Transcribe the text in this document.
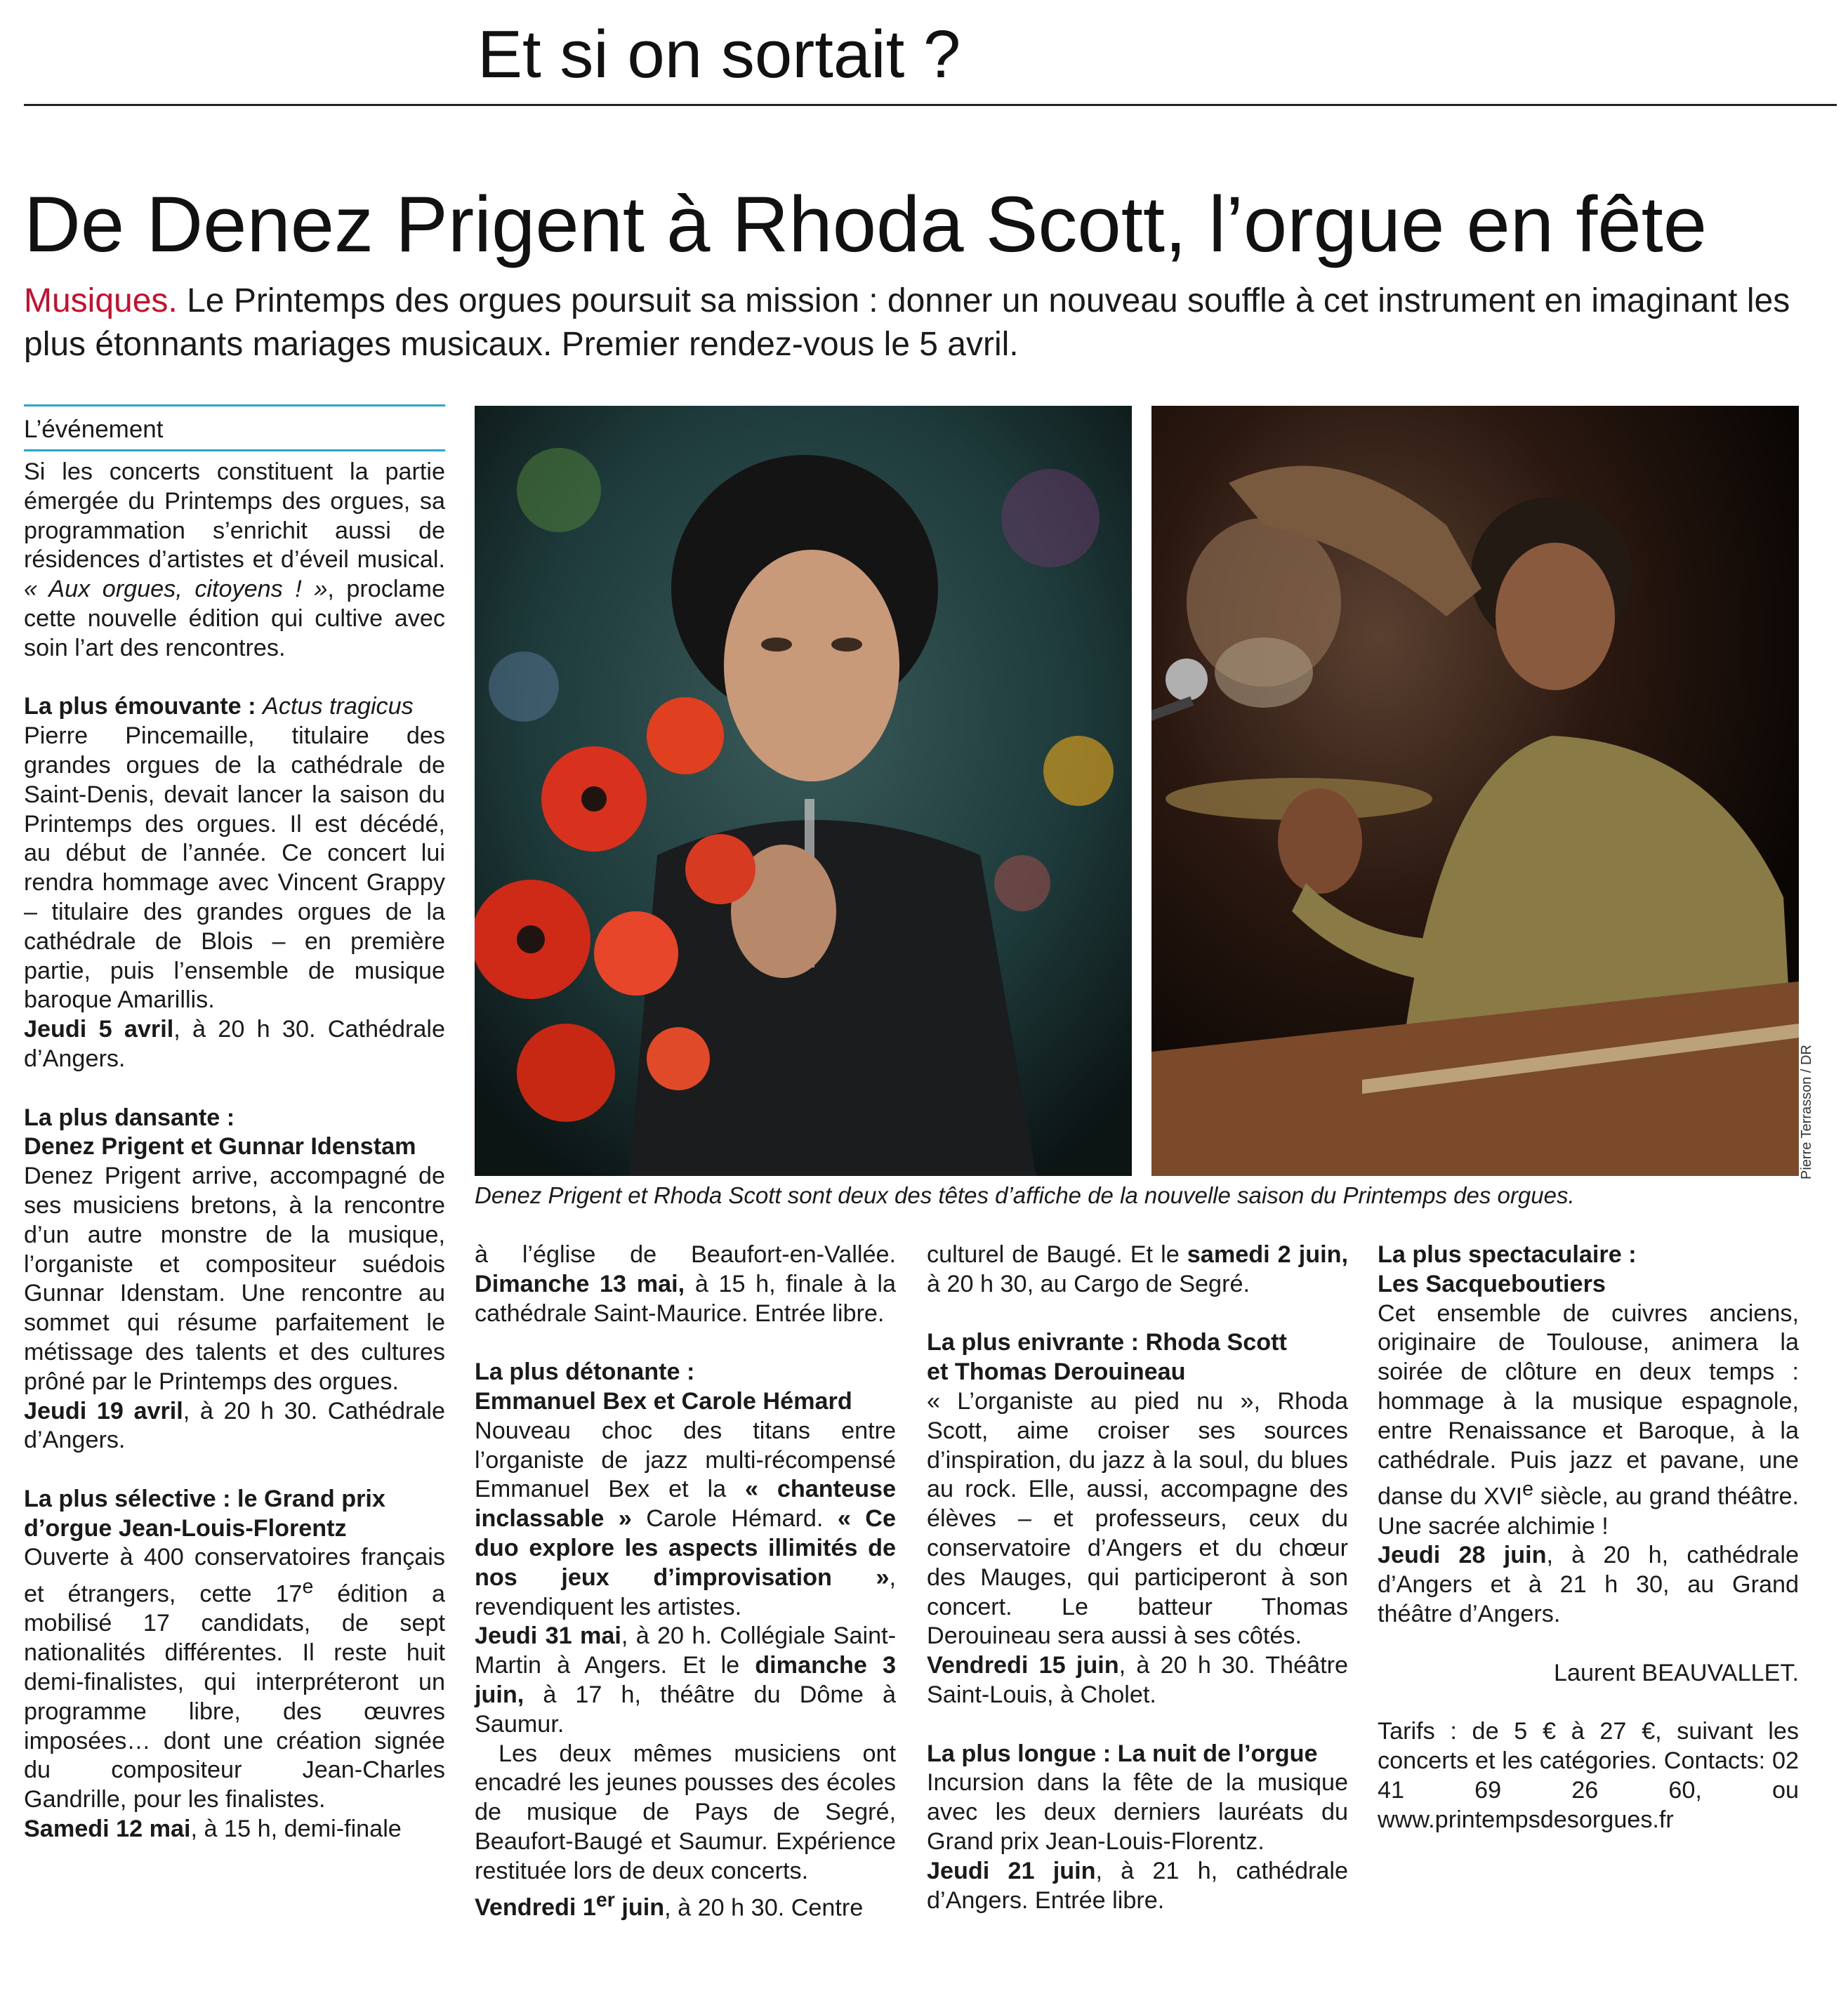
Et si on sortait ?
De Denez Prigent à Rhoda Scott, l’orgue en fête
Musiques. Le Printemps des orgues poursuit sa mission : donner un nouveau souffle à cet instrument en imaginant les plus étonnants mariages musicaux. Premier rendez-vous le 5 avril.
L’événement

Si les concerts constituent la partie émergée du Printemps des orgues, sa programmation s’enrichit aussi de résidences d’artistes et d’éveil musical. « Aux orgues, citoyens ! », proclame cette nouvelle édition qui cultive avec soin l’art des rencontres.

La plus émouvante : Actus tragicus

Pierre Pincemaille, titulaire des grandes orgues de la cathédrale de Saint-Denis, devait lancer la saison du Printemps des orgues. Il est décédé, au début de l’année. Ce concert lui rendra hommage avec Vincent Grappy – titulaire des grandes orgues de la cathédrale de Blois – en première partie, puis l’ensemble de musique baroque Amarillis.

Jeudi 5 avril, à 20 h 30. Cathédrale d’Angers.

La plus dansante :

Denez Prigent et Gunnar Idenstam

Denez Prigent arrive, accompagné de ses musiciens bretons, à la rencontre d’un autre monstre de la musique, l’organiste et compositeur suédois Gunnar Idenstam. Une rencontre au sommet qui résume parfaitement le métissage des talents et des cultures prôné par le Printemps des orgues.

Jeudi 19 avril, à 20 h 30. Cathédrale d’Angers.

La plus sélective : le Grand prix

d’orgue Jean-Louis-Florentz

Ouverte à 400 conservatoires français et étrangers, cette 17e édition a mobilisé 17 candidats, de sept nationalités différentes. Il reste huit demi-finalistes, qui interpréteront un programme libre, des œuvres imposées… dont une création signée du compositeur Jean-Charles Gandrille, pour les finalistes.

Samedi 12 mai, à 15 h, demi-finale

Pierre Terrasson / DR
Denez Prigent et Rhoda Scott sont deux des têtes d’affiche de la nouvelle saison du Printemps des orgues.

à l’église de Beaufort-en-Vallée. Dimanche 13 mai, à 15 h, finale à la cathédrale Saint-Maurice. Entrée libre.

La plus détonante :

Emmanuel Bex et Carole Hémard

Nouveau choc des titans entre l’organiste de jazz multi-récompensé Emmanuel Bex et la « chanteuse inclassable » Carole Hémard. « Ce duo explore les aspects illimités de nos jeux d’improvisation », revendiquent les artistes.

Jeudi 31 mai, à 20 h. Collégiale Saint-Martin à Angers. Et le dimanche 3 juin, à 17 h, théâtre du Dôme à Saumur.

Les deux mêmes musiciens ont encadré les jeunes pousses des écoles de musique de Pays de Segré, Beaufort-Baugé et Saumur. Expérience restituée lors de deux concerts.

Vendredi 1er juin, à 20 h 30. Centre

culturel de Baugé. Et le samedi 2 juin, à 20 h 30, au Cargo de Segré.

La plus enivrante : Rhoda Scott

et Thomas Derouineau

« L’organiste au pied nu », Rhoda Scott, aime croiser ses sources d’inspiration, du jazz à la soul, du blues au rock. Elle, aussi, accompagne des élèves – et professeurs, ceux du conservatoire d’Angers et du chœur des Mauges, qui participeront à son concert. Le batteur Thomas Derouineau sera aussi à ses côtés.

Vendredi 15 juin, à 20 h 30. Théâtre Saint-Louis, à Cholet.

La plus longue : La nuit de l’orgue

Incursion dans la fête de la musique avec les deux derniers lauréats du Grand prix Jean-Louis-Florentz.

Jeudi 21 juin, à 21 h, cathédrale d’Angers. Entrée libre.

La plus spectaculaire :

Les Sacqueboutiers

Cet ensemble de cuivres anciens, originaire de Toulouse, animera la soirée de clôture en deux temps : hommage à la musique espagnole, entre Renaissance et Baroque, à la cathédrale. Puis jazz et pavane, une danse du XVIe siècle, au grand théâtre. Une sacrée alchimie !

Jeudi 28 juin, à 20 h, cathédrale d’Angers et à 21 h 30, au Grand théâtre d’Angers.

Laurent BEAUVALLET.

Tarifs : de 5 € à 27 €, suivant les concerts et les catégories. Contacts: 02 41 69 26 60, ou www.printempsdesorgues.fr
